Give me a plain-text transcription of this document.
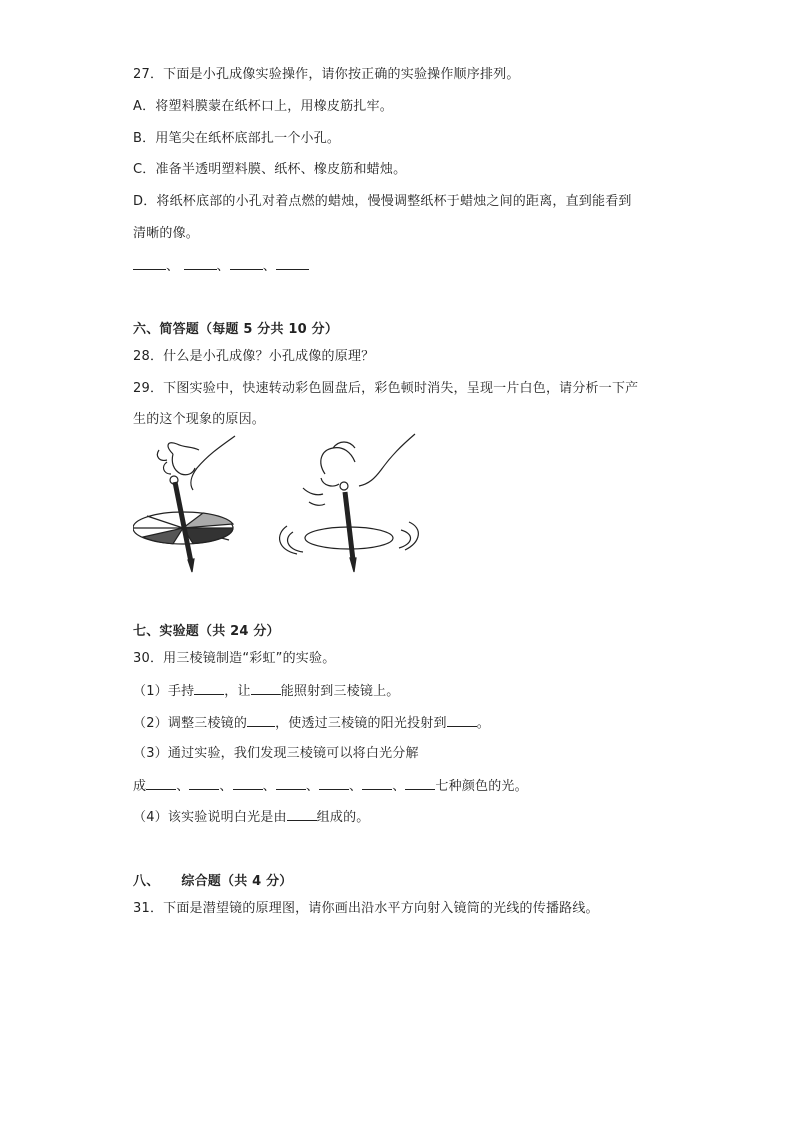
27．下面是小孔成像实验操作，请你按正确的实验操作顺序排列。
A．将塑料膜蒙在纸杯口上，用橡皮筋扎牢。
B．用笔尖在纸杯底部扎一个小孔。
C．准备半透明塑料膜、纸杯、橡皮筋和蜡烛。
D．将纸杯底部的小孔对着点燃的蜡烛，慢慢调整纸杯于蜡烛之间的距离，直到能看到
清晰的像。
、	、	、
六、简答题（每题 5 分共 10 分）
28．什么是小孔成像？小孔成像的原理？
29．下图实验中，快速转动彩色圆盘后，彩色顿时消失，呈现一片白色，请分析一下产
生的这个现象的原因。
七、实验题（共 24 分）
30．用三棱镜制造“彩虹”的实验。
（1）手持 ，让 能照射到三棱镜上。
（2）调整三棱镜的 ，使透过三棱镜的阳光投射到 。
（3）通过实验，我们发现三棱镜可以将白光分解
成 、 、 、 、 、 、 七种颜色的光。
（4）该实验说明白光是由 组成的。
八、 综合题（共 4 分）
31．下面是潜望镜的原理图，请你画出沿水平方向射入镜筒的光线的传播路线。
